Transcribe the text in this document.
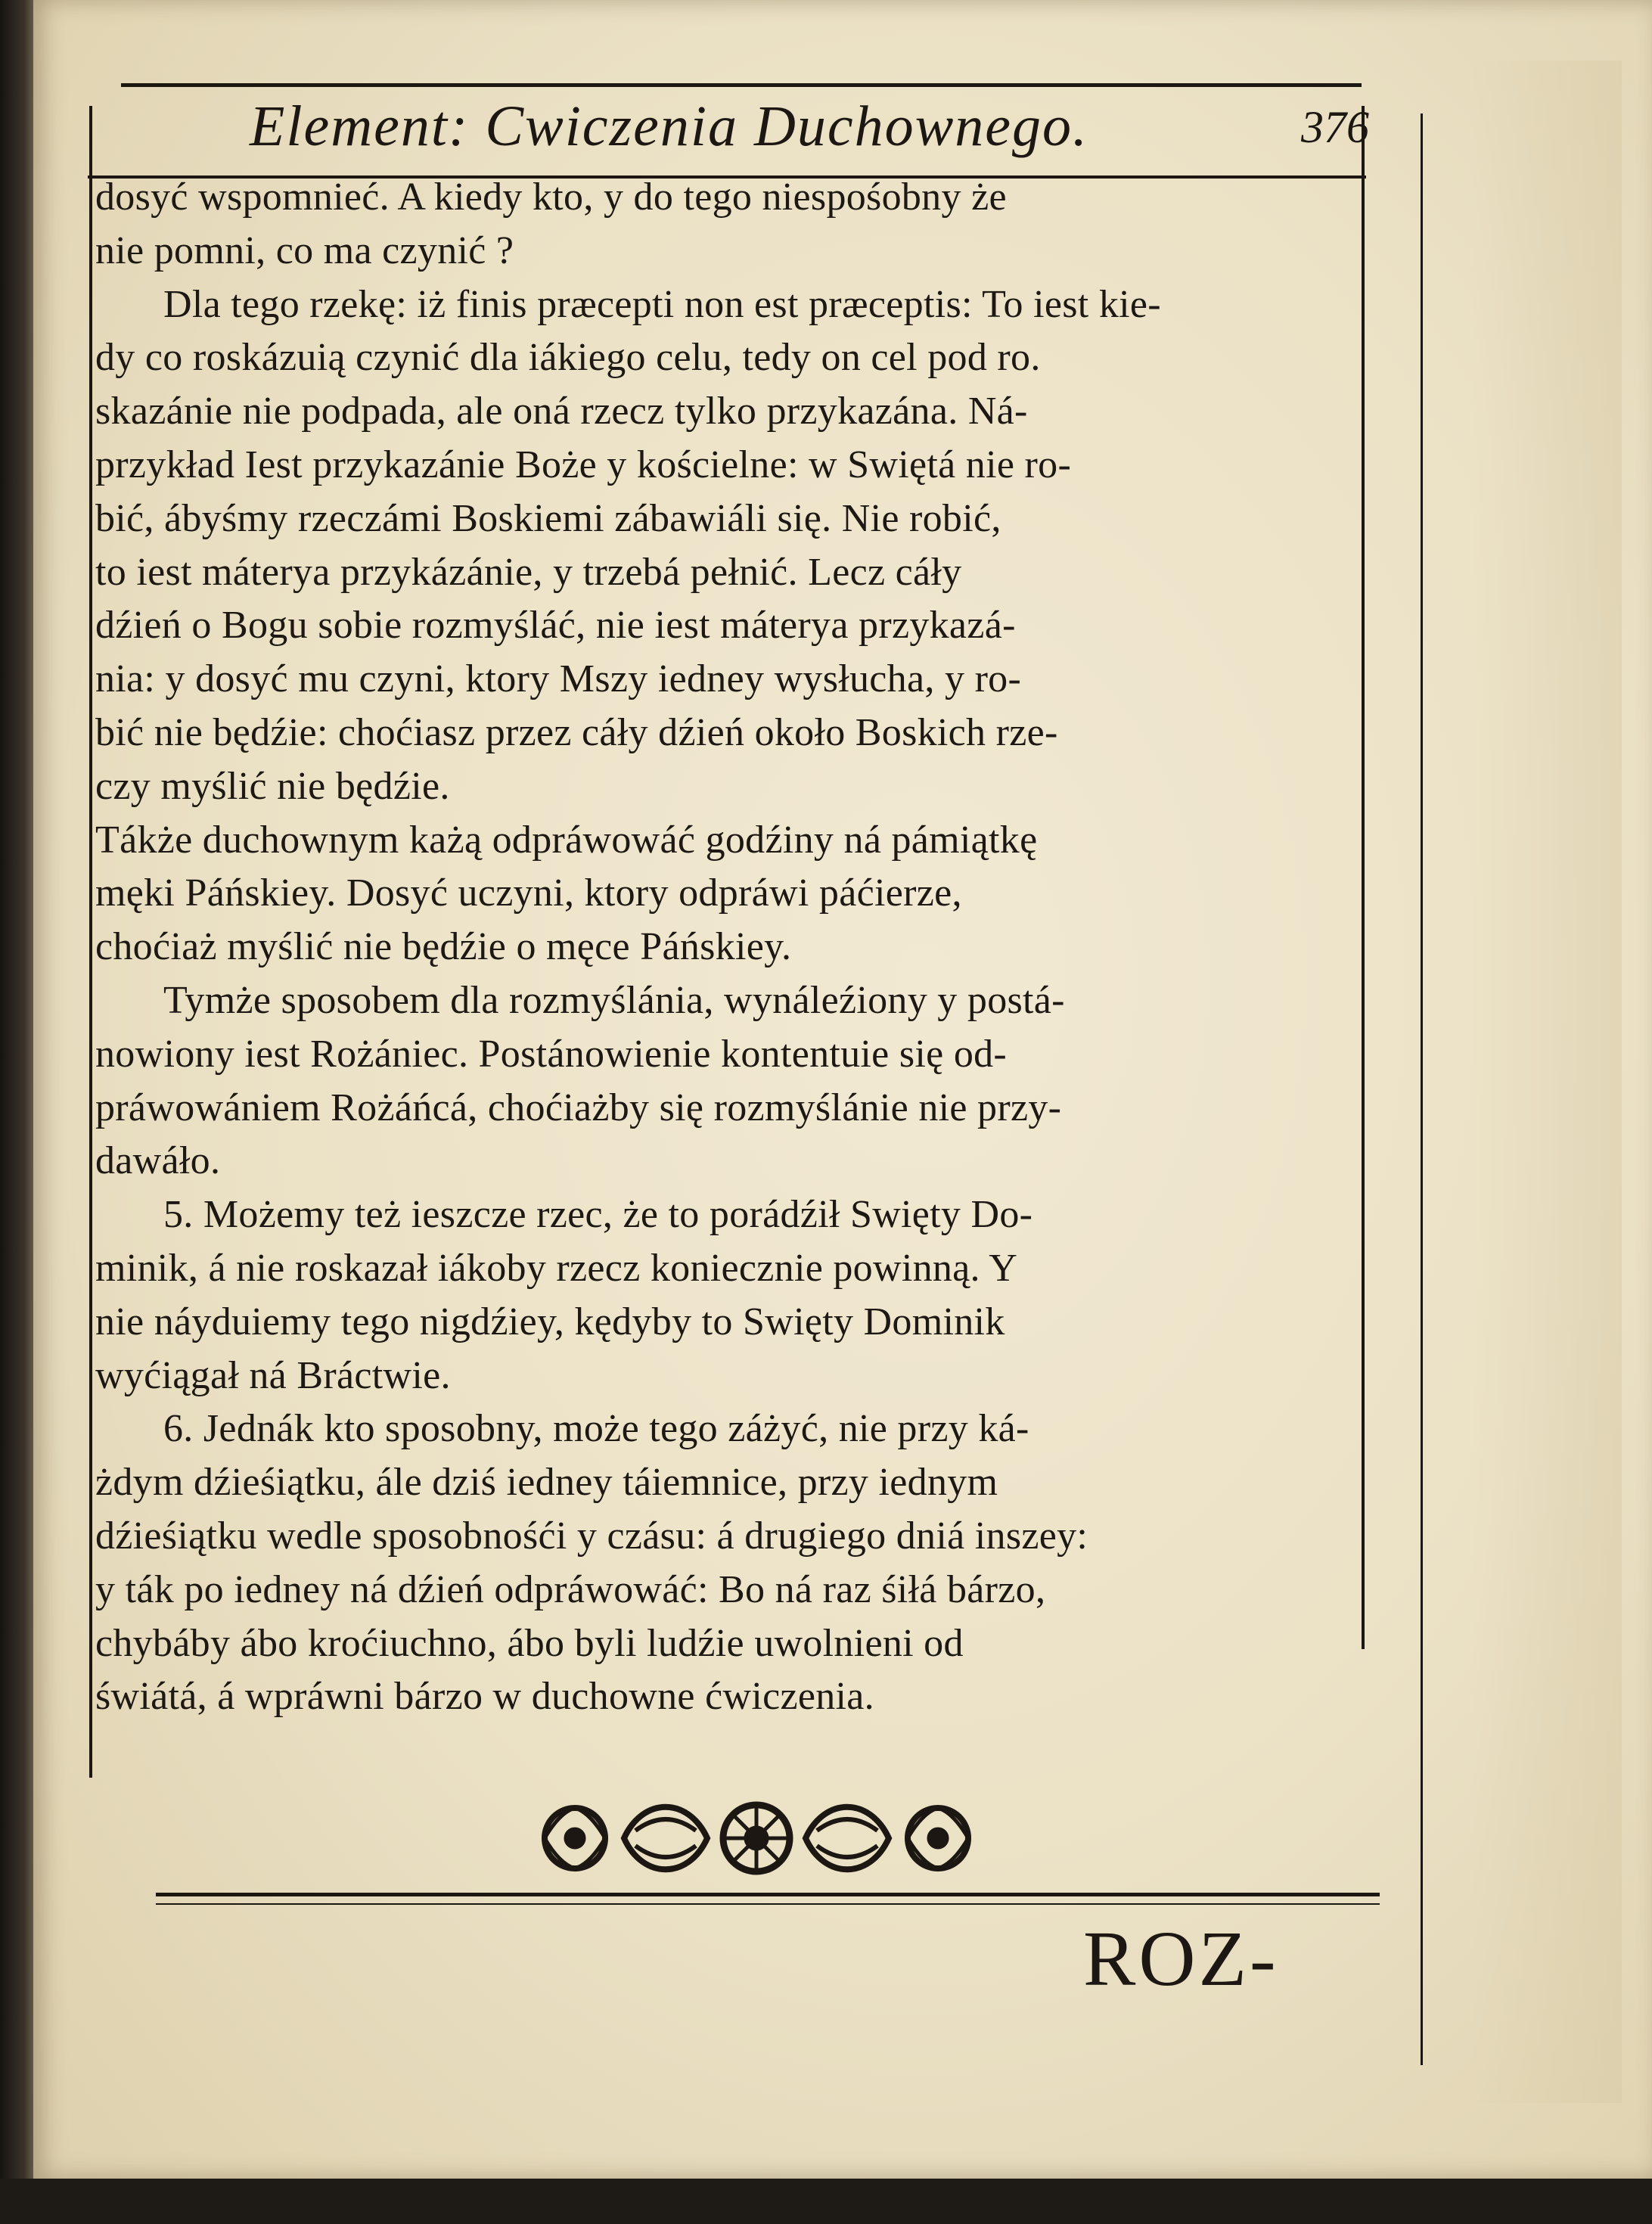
Element: Cwiczenia Duchownego.	376
dosyć wspomnieć. A kiedy kto, y do tego niespośobny że
nie pomni, co ma czynić ?
Dla tego rzekę: iż finis præcepti non est præceptis: To iest kie-
dy co roskázuią czynić dla iákiego celu, tedy on cel pod ro.
skazánie nie podpada, ale oná rzecz tylko przykazána. Ná-
przykład Iest przykazánie Boże y kościelne: w Swiętá nie ro-
bić, ábyśmy rzeczámi Boskiemi zábawiáli się. Nie robić,
to iest máterya przykázánie, y trzebá pełnić. Lecz cáły
dźień o Bogu sobie rozmyśláć, nie iest máterya przykazá-
nia: y dosyć mu czyni, ktory Mszy iedney wysłucha, y ro-
bić nie będźie: choćiasz przez cáły dźień około Boskich rze-
czy myślić nie będźie.
Tákże duchownym każą odpráwowáć godźiny ná pámiątkę
męki Páńskiey. Dosyć uczyni, ktory odpráwi páćierze,
choćiaż myślić nie będźie o męce Páńskiey.
Tymże sposobem dla rozmyślánia, wynáleźiony y postá-
nowiony iest Rożániec. Postánowienie kontentuie się od-
práwowániem Rożáńcá, choćiażby się rozmyślánie nie przy-
dawáło.
5. Możemy też ieszcze rzec, że to porádźił Swięty Do-
minik, á nie roskazał iákoby rzecz koniecznie powinną. Y
nie náyduiemy tego nigdźiey, kędyby to Swięty Dominik
wyćiągał ná Bráctwie.
6. Jednák kto sposobny, może tego záżyć, nie przy ká-
żdym dźieśiątku, ále dziś iedney táiemnice, przy iednym
dźieśiątku wedle sposobnośći y czásu: á drugiego dniá inszey:
y ták po iedney ná dźień odpráwowáć: Bo ná raz śiłá bárzo,
chybáby ábo kroćiuchno, ábo byli ludźie uwolnieni od
świátá, á wpráwni bárzo w duchowne ćwiczenia.
ROZ-
